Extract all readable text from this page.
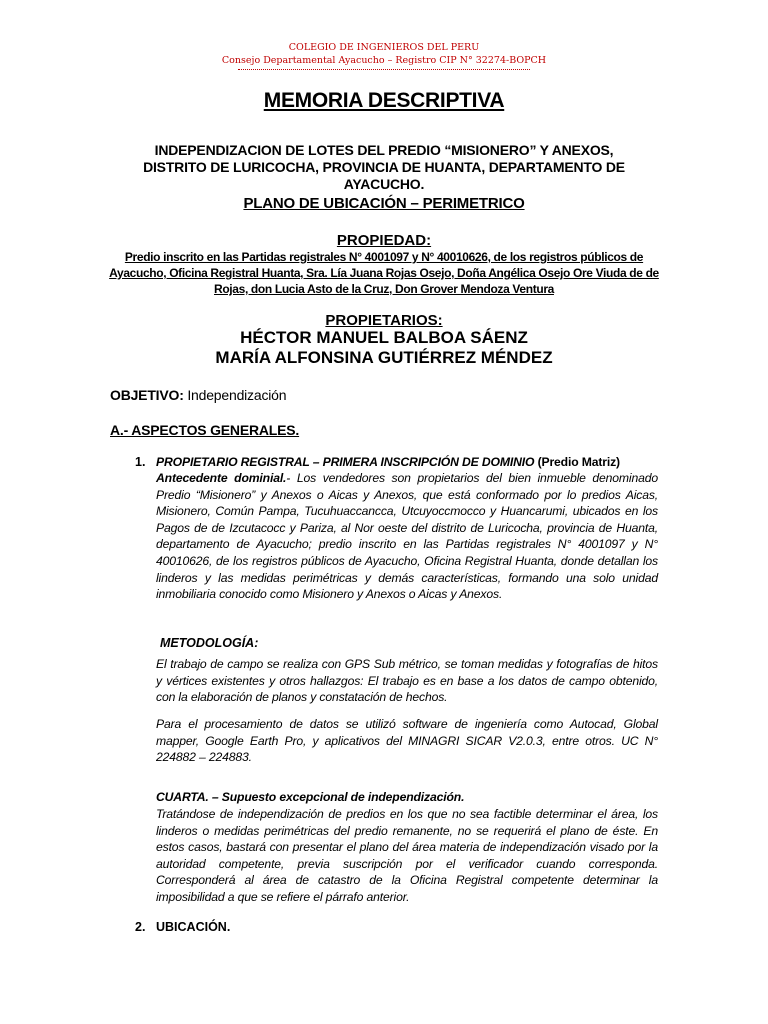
COLEGIO DE INGENIEROS DEL PERU
Consejo Departamental Ayacucho – Registro CIP N° 32274-BOPCH
MEMORIA DESCRIPTIVA
INDEPENDIZACION DE LOTES DEL PREDIO “MISIONERO” Y ANEXOS, DISTRITO DE LURICOCHA, PROVINCIA DE HUANTA, DEPARTAMENTO DE AYACUCHO.
PLANO DE UBICACIÓN – PERIMETRICO
PROPIEDAD:
Predio inscrito en las Partidas registrales N° 4001097 y N° 40010626, de los registros públicos de Ayacucho, Oficina Registral Huanta, Sra. Lía Juana Rojas Osejo, Doña Angélica Osejo Ore Viuda de de Rojas, don Lucia Asto de la Cruz, Don Grover Mendoza Ventura
PROPIETARIOS:
HÉCTOR MANUEL BALBOA SÁENZ
MARÍA ALFONSINA GUTIÉRREZ MÉNDEZ
OBJETIVO: Independización
A.- ASPECTOS GENERALES.
1. PROPIETARIO REGISTRAL – PRIMERA INSCRIPCIÓN DE DOMINIO (Predio Matriz)
Antecedente dominial.- Los vendedores son propietarios del bien inmueble denominado Predio “Misionero” y Anexos o Aicas y Anexos, que está conformado por lo predios Aicas, Misionero, Común Pampa, Tucuhuaccancca, Utcuyoccmocco y Huancarumi, ubicados en los Pagos de de Izcutacocc y Pariza, al Nor oeste del distrito de Luricocha, provincia de Huanta, departamento de Ayacucho; predio inscrito en las Partidas registrales N° 4001097 y N° 40010626, de los registros públicos de Ayacucho, Oficina Registral Huanta, donde detallan los linderos y las medidas perimétricas y demás características, formando una solo unidad inmobiliaria conocido como Misionero y Anexos o Aicas y Anexos.
METODOLOGÍA:
El trabajo de campo se realiza con GPS Sub métrico, se toman medidas y fotografías de hitos y vértices existentes y otros hallazgos: El trabajo es en base a los datos de campo obtenido, con la elaboración de planos y constatación de hechos.
Para el procesamiento de datos se utilizó software de ingeniería como Autocad, Global mapper, Google Earth Pro, y aplicativos del MINAGRI SICAR V2.0.3, entre otros. UC N° 224882 – 224883.
CUARTA. – Supuesto excepcional de independización.
Tratándose de independización de predios en los que no sea factible determinar el área, los linderos o medidas perimétricas del predio remanente, no se requerirá el plano de éste. En estos casos, bastará con presentar el plano del área materia de independización visado por la autoridad competente, previa suscripción por el verificador cuando corresponda. Corresponderá al área de catastro de la Oficina Registral competente determinar la imposibilidad a que se refiere el párrafo anterior.
2. UBICACIÓN.
